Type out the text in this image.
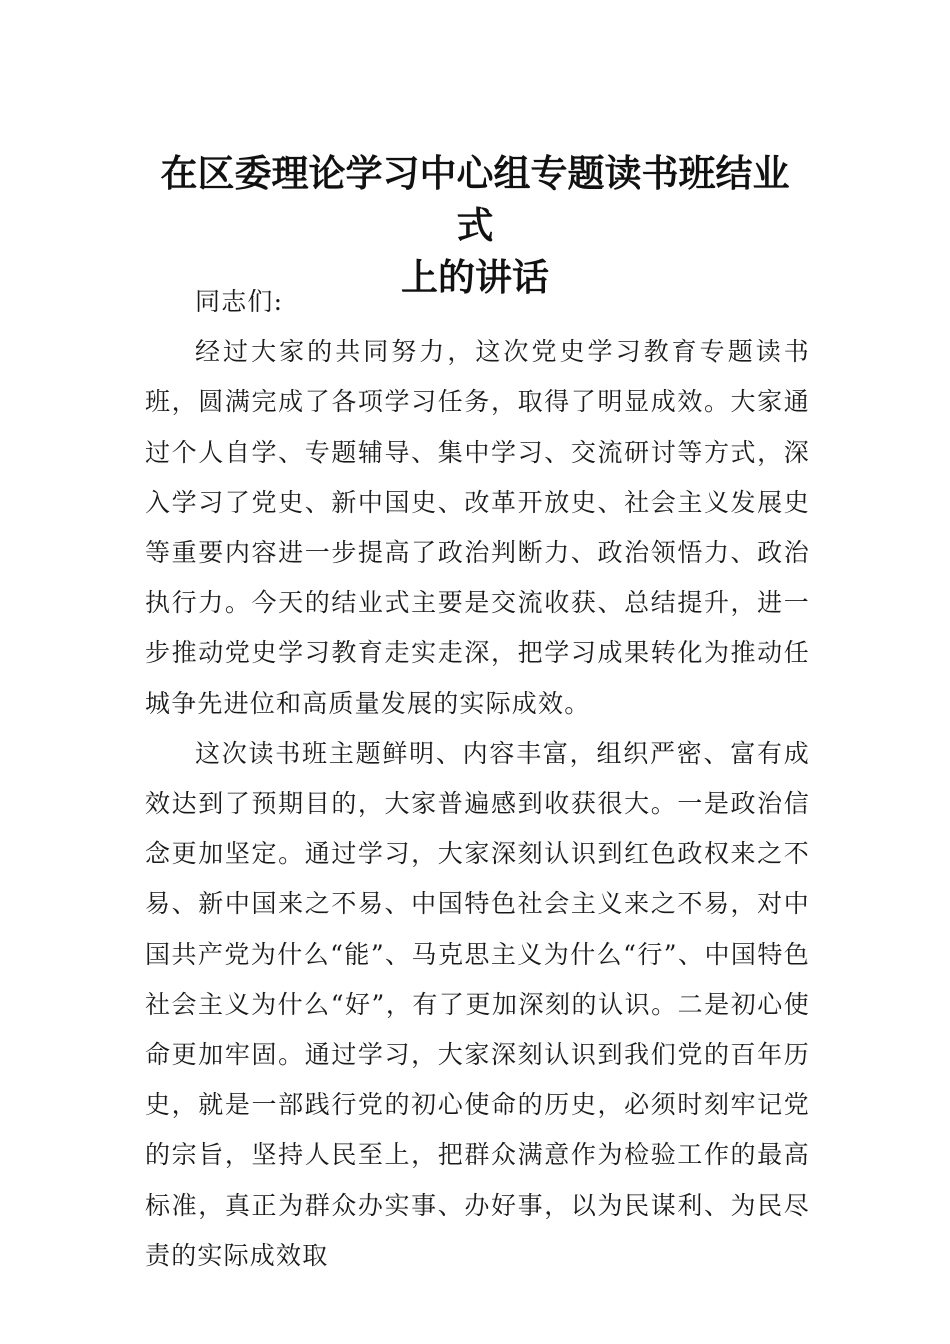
在区委理论学习中心组专题读书班结业式
上的讲话

同志们:

经过大家的共同努力，这次党史学习教育专题读书班，圆满完成了各项学习任务，取得了明显成效。大家通过个人自学、专题辅导、集中学习、交流研讨等方式，深入学习了党史、新中国史、改革开放史、社会主义发展史等重要内容进一步提高了政治判断力、政治领悟力、政治执行力。今天的结业式主要是交流收获、总结提升，进一步推动党史学习教育走实走深，把学习成果转化为推动任城争先进位和高质量发展的实际成效。

这次读书班主题鲜明、内容丰富，组织严密、富有成效达到了预期目的，大家普遍感到收获很大。一是政治信念更加坚定。通过学习，大家深刻认识到红色政权来之不易、新中国来之不易、中国特色社会主义来之不易，对中国共产党为什么“能”、马克思主义为什么“行”、中国特色社会主义为什么“好”，有了更加深刻的认识。二是初心使命更加牢固。通过学习，大家深刻认识到我们党的百年历史，就是一部践行党的初心使命的历史，必须时刻牢记党的宗旨，坚持人民至上，把群众满意作为检验工作的最高标准，真正为群众办实事、办好事，以为民谋利、为民尽责的实际成效取
